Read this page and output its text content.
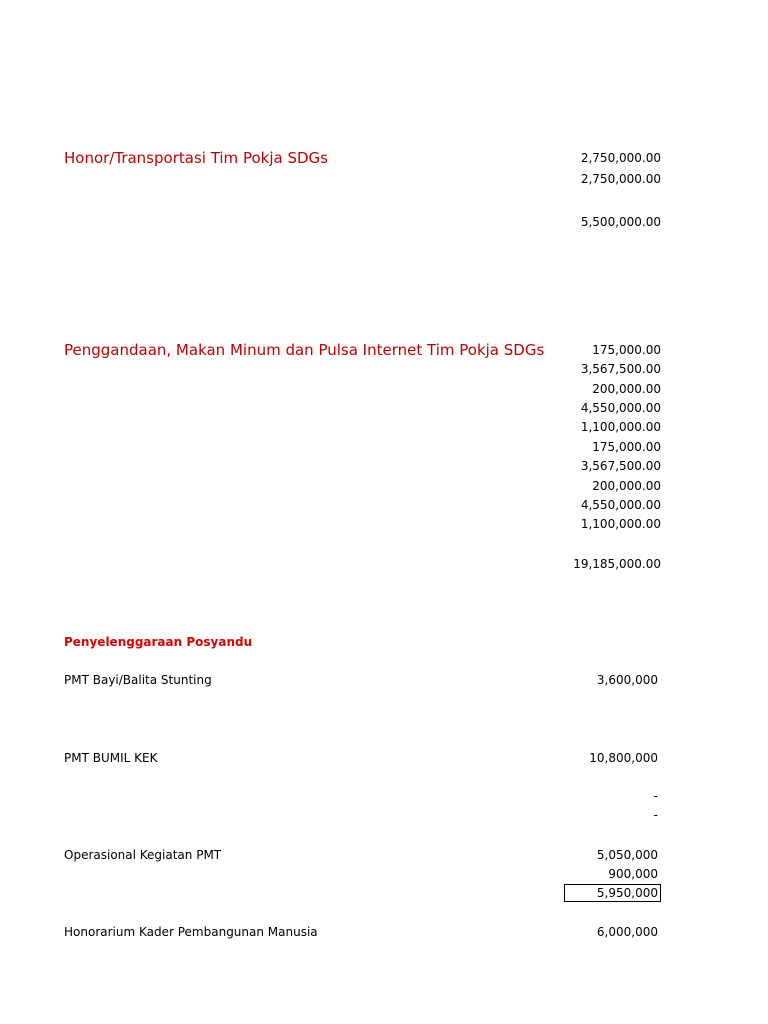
Honor/Transportasi Tim Pokja SDGs	2,750,000.00
2,750,000.00
5,500,000.00
Penggandaan, Makan Minum dan Pulsa Internet Tim Pokja SDGs	175,000.00
3,567,500.00
200,000.00
4,550,000.00
1,100,000.00
175,000.00
3,567,500.00
200,000.00
4,550,000.00
1,100,000.00
19,185,000.00
Penyelenggaraan Posyandu
PMT Bayi/Balita Stunting	3,600,000
PMT BUMIL KEK	10,800,000
-
-
Operasional Kegiatan PMT	5,050,000
900,000
5,950,000
Honorarium Kader Pembangunan Manusia	6,000,000
